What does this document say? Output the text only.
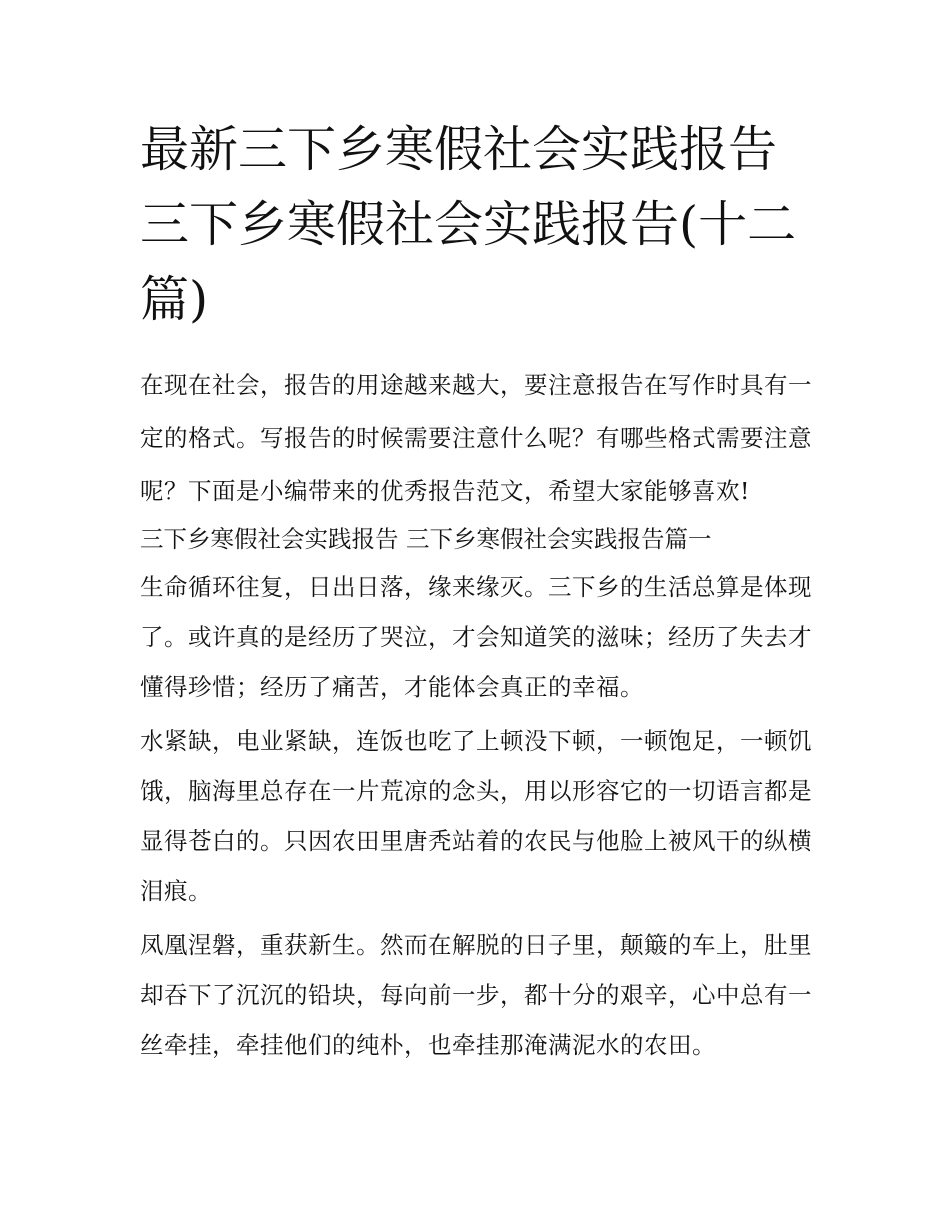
最新三下乡寒假社会实践报告 三下乡寒假社会实践报告(十二篇)

在现在社会，报告的用途越来越大，要注意报告在写作时具有一定的格式。写报告的时候需要注意什么呢？有哪些格式需要注意呢？下面是小编带来的优秀报告范文，希望大家能够喜欢!

三下乡寒假社会实践报告 三下乡寒假社会实践报告篇一

生命循环往复，日出日落，缘来缘灭。三下乡的生活总算是体现了。或许真的是经历了哭泣，才会知道笑的滋味；经历了失去才懂得珍惜；经历了痛苦，才能体会真正的幸福。

水紧缺，电业紧缺，连饭也吃了上顿没下顿，一顿饱足，一顿饥饿，脑海里总存在一片荒凉的念头，用以形容它的一切语言都是显得苍白的。只因农田里唐秃站着的农民与他脸上被风干的纵横泪痕。

凤凰涅磐，重获新生。然而在解脱的日子里，颠簸的车上，肚里却吞下了沉沉的铅块，每向前一步，都十分的艰辛，心中总有一丝牵挂，牵挂他们的纯朴，也牵挂那淹满泥水的农田。
